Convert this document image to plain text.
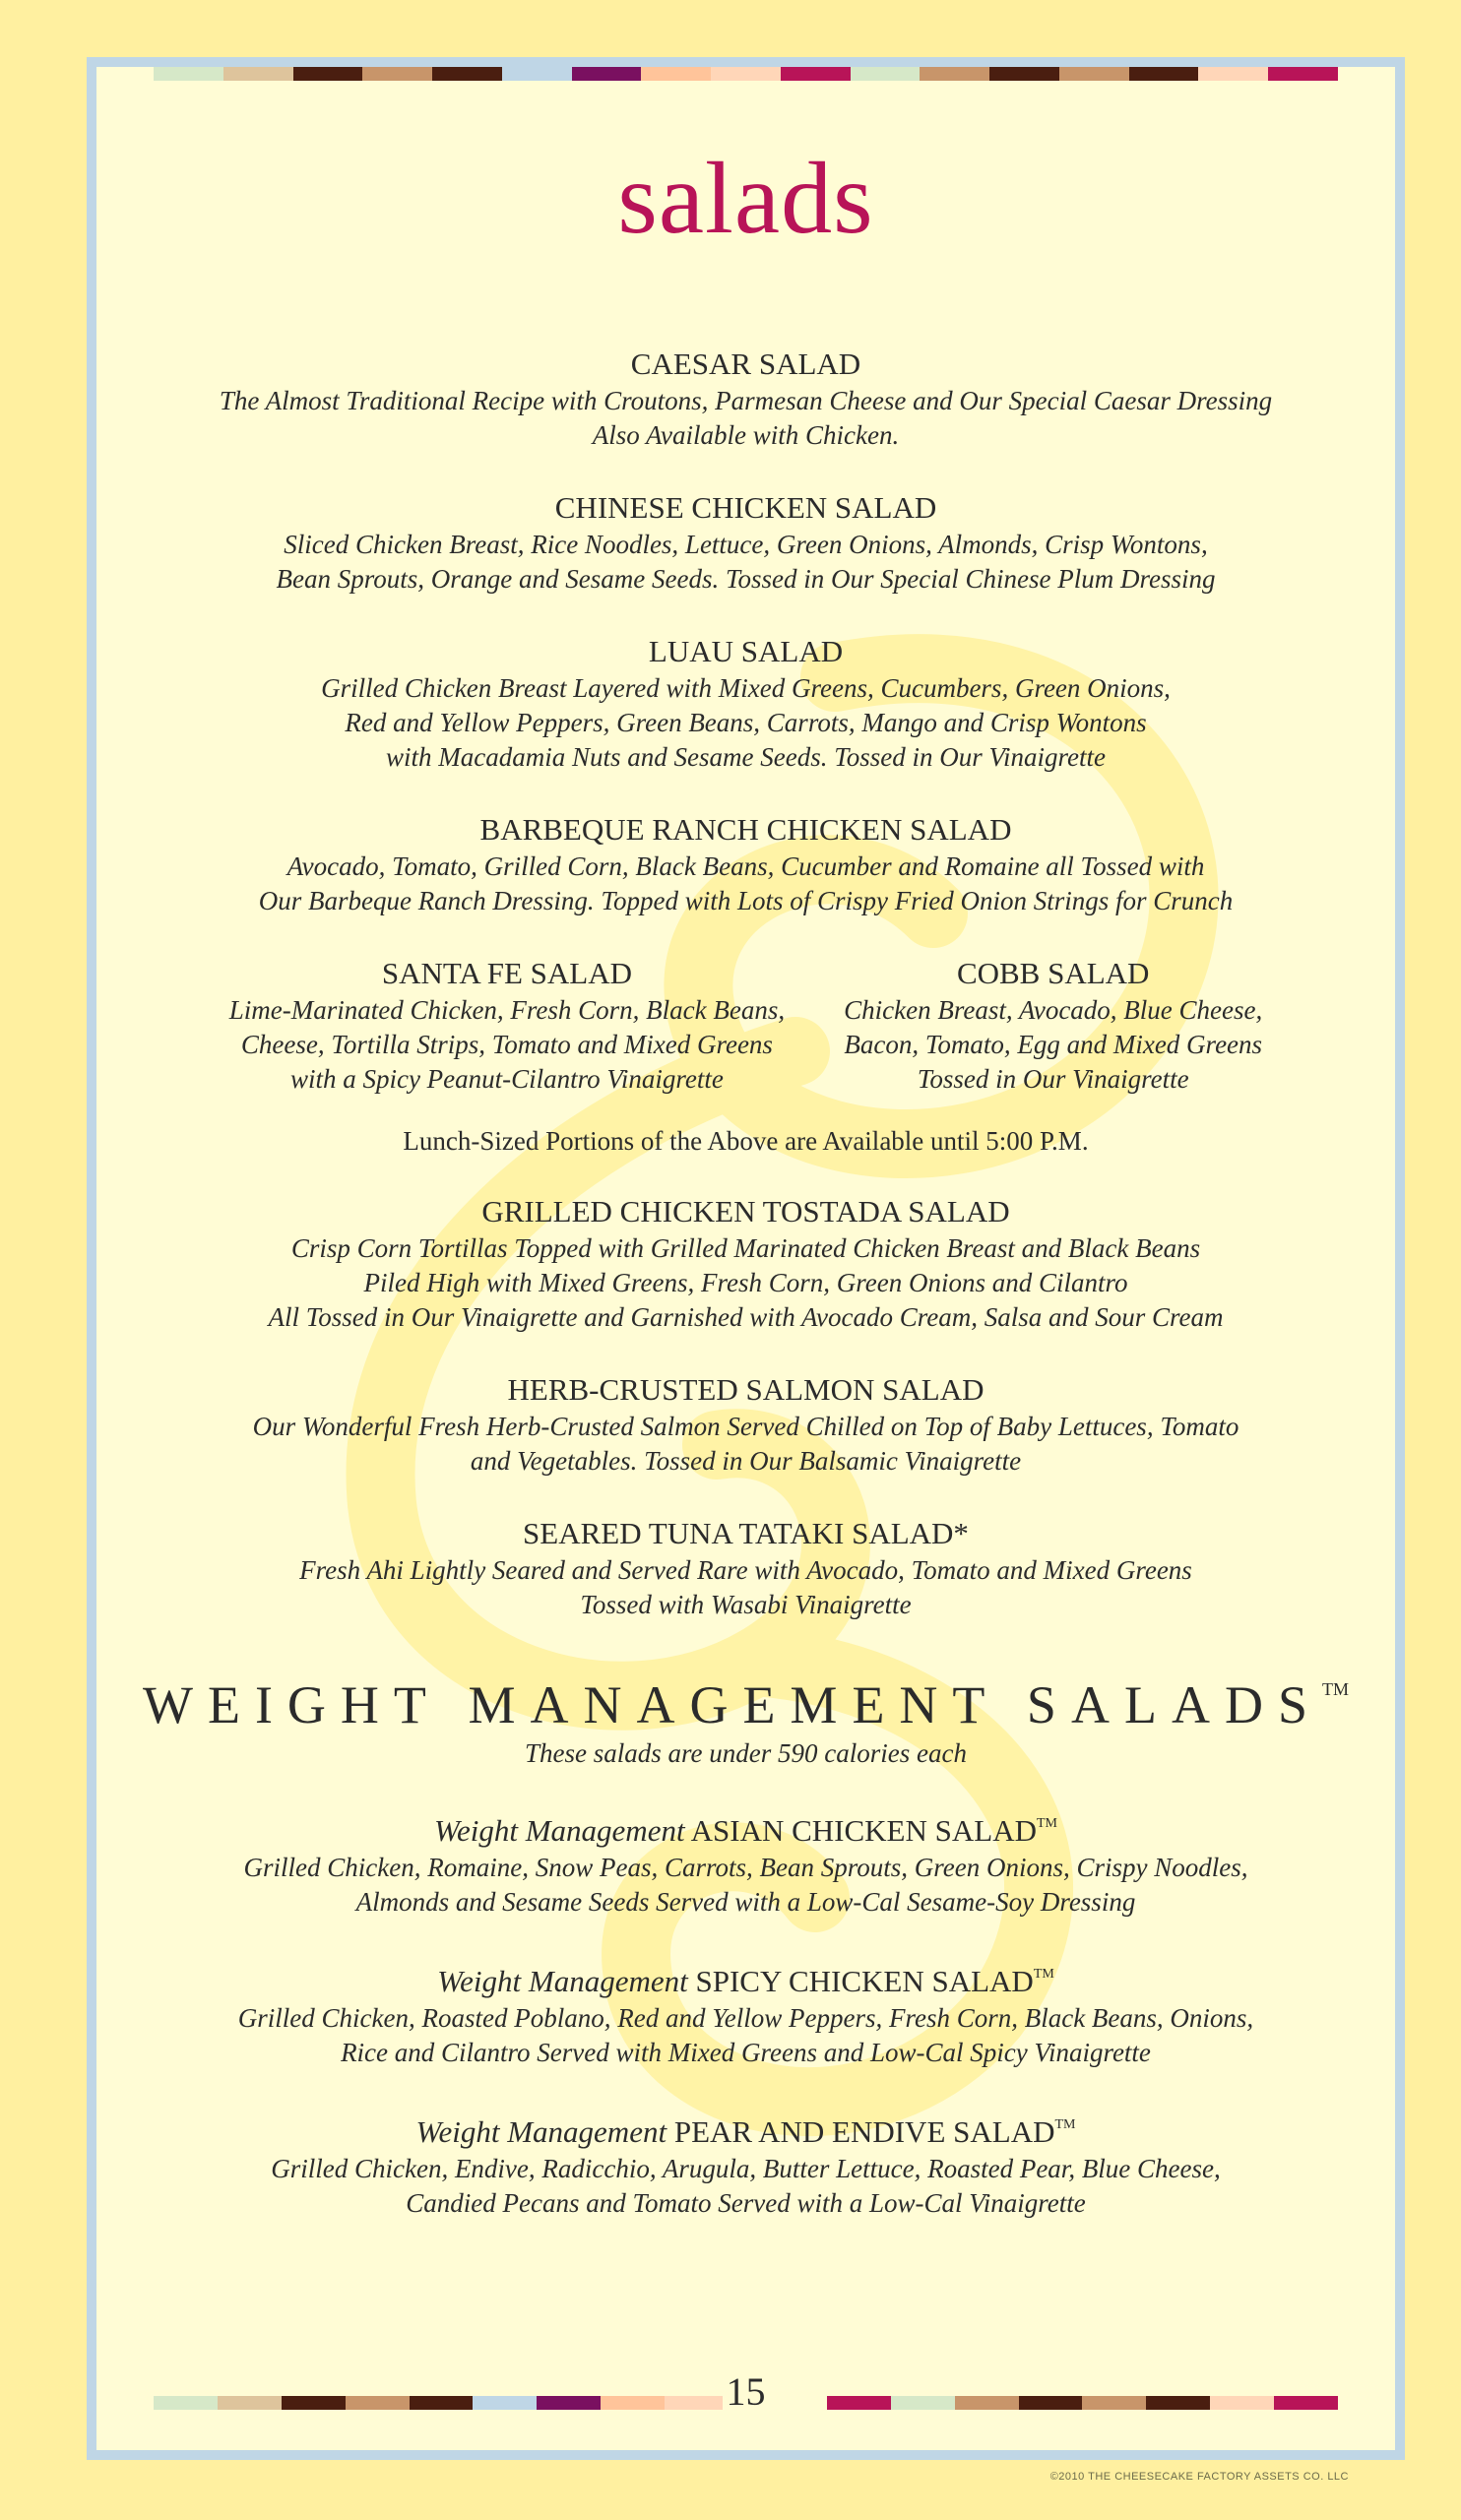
salads
CAESAR SALAD
The Almost Traditional Recipe with Croutons, Parmesan Cheese and Our Special Caesar Dressing
Also Available with Chicken.
CHINESE CHICKEN SALAD
Sliced Chicken Breast, Rice Noodles, Lettuce, Green Onions, Almonds, Crisp Wontons,
Bean Sprouts, Orange and Sesame Seeds. Tossed in Our Special Chinese Plum Dressing
LUAU SALAD
Grilled Chicken Breast Layered with Mixed Greens, Cucumbers, Green Onions,
Red and Yellow Peppers, Green Beans, Carrots, Mango and Crisp Wontons
with Macadamia Nuts and Sesame Seeds. Tossed in Our Vinaigrette
BARBEQUE RANCH CHICKEN SALAD
Avocado, Tomato, Grilled Corn, Black Beans, Cucumber and Romaine all Tossed with
Our Barbeque Ranch Dressing. Topped with Lots of Crispy Fried Onion Strings for Crunch
SANTA FE SALAD
Lime-Marinated Chicken, Fresh Corn, Black Beans,
Cheese, Tortilla Strips, Tomato and Mixed Greens
with a Spicy Peanut-Cilantro Vinaigrette
COBB SALAD
Chicken Breast, Avocado, Blue Cheese,
Bacon, Tomato, Egg and Mixed Greens
Tossed in Our Vinaigrette
Lunch-Sized Portions of the Above are Available until 5:00 P.M.
GRILLED CHICKEN TOSTADA SALAD
Crisp Corn Tortillas Topped with Grilled Marinated Chicken Breast and Black Beans
Piled High with Mixed Greens, Fresh Corn, Green Onions and Cilantro
All Tossed in Our Vinaigrette and Garnished with Avocado Cream, Salsa and Sour Cream
HERB-CRUSTED SALMON SALAD
Our Wonderful Fresh Herb-Crusted Salmon Served Chilled on Top of Baby Lettuces, Tomato
and Vegetables. Tossed in Our Balsamic Vinaigrette
SEARED TUNA TATAKI SALAD*
Fresh Ahi Lightly Seared and Served Rare with Avocado, Tomato and Mixed Greens
Tossed with Wasabi Vinaigrette
WEIGHT MANAGEMENT SALADS™
These salads are under 590 calories each
Weight Management ASIAN CHICKEN SALAD™
Grilled Chicken, Romaine, Snow Peas, Carrots, Bean Sprouts, Green Onions, Crispy Noodles,
Almonds and Sesame Seeds Served with a Low-Cal Sesame-Soy Dressing
Weight Management SPICY CHICKEN SALAD™
Grilled Chicken, Roasted Poblano, Red and Yellow Peppers, Fresh Corn, Black Beans, Onions,
Rice and Cilantro Served with Mixed Greens and Low-Cal Spicy Vinaigrette
Weight Management PEAR AND ENDIVE SALAD™
Grilled Chicken, Endive, Radicchio, Arugula, Butter Lettuce, Roasted Pear, Blue Cheese,
Candied Pecans and Tomato Served with a Low-Cal Vinaigrette
15
©2010 THE CHEESECAKE FACTORY ASSETS CO. LLC
